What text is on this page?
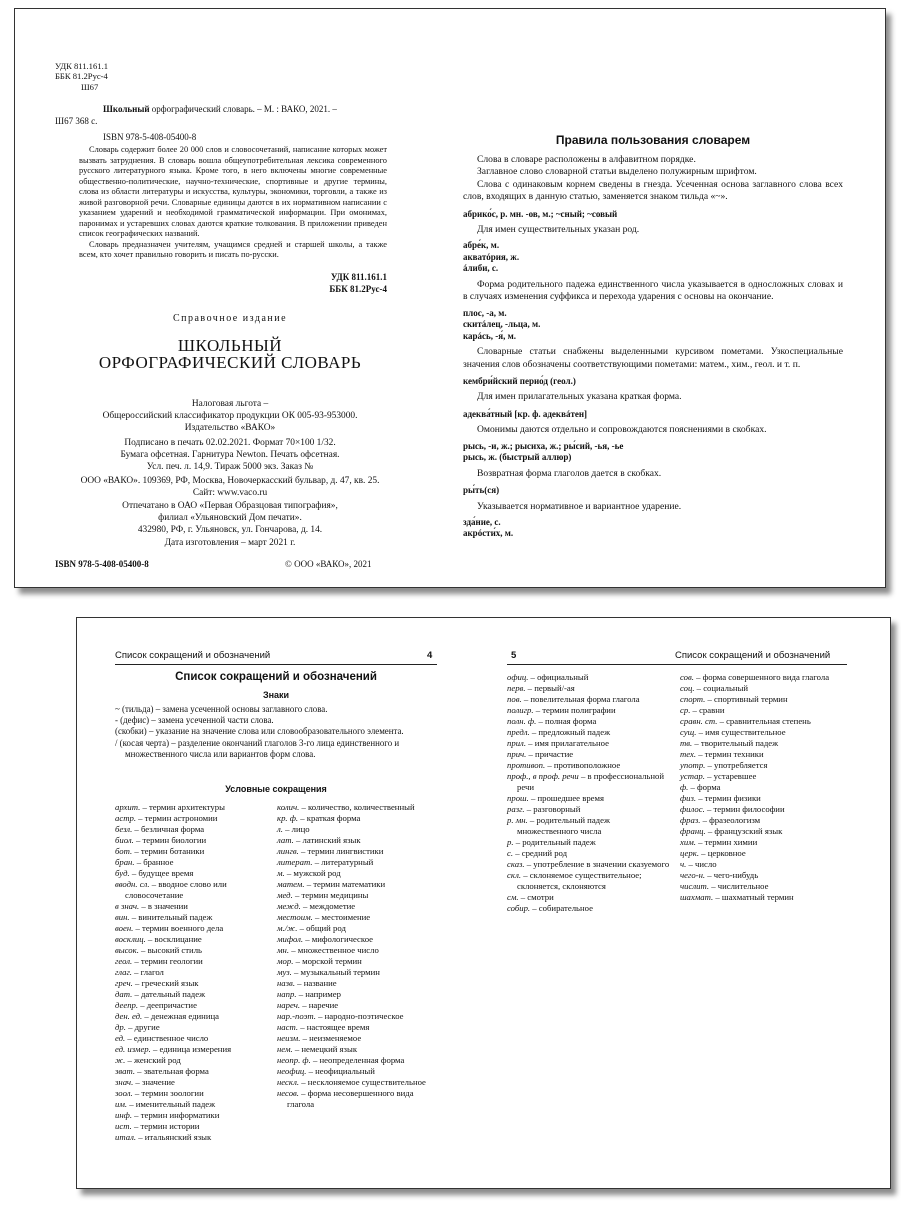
УДК 811.161.1
ББК 81.2Рус-4
Ш67
Школьный орфографический словарь. – М. : ВАКО, 2021. –
Ш67 368 с.
ISBN 978-5-408-05400-8

Словарь содержит более 20 000 слов и словосочетаний, написание которых может вызвать затруднения. В словарь вошла общеупотребительная лексика современного русского литературного языка. Кроме того, в него включены многие современные общественно-политические, научно-технические, спортивные и другие термины, слова из области литературы и искусства, культуры, экономики, торговли, а также из живой разговорной речи. Словарные единицы даются в их нормативном написании с указанием ударений и необходимой грамматической информации. При омонимах, паронимах и устаревших словах даются краткие толкования. В приложении приведен список географических названий.

Словарь предназначен учителям, учащимся средней и старшей школы, а также всем, кто хочет правильно говорить и писать по-русски.

УДК 811.161.1
ББК 81.2Рус-4
Справочное издание
ШКОЛЬНЫЙ
ОРФОГРАФИЧЕСКИЙ СЛОВАРЬ
Налоговая льгота –
Общероссийский классификатор продукции ОК 005-93-953000.
Издательство «ВАКО»
Подписано в печать 02.02.2021. Формат 70×100 1/32.
Бумага офсетная. Гарнитура Newton. Печать офсетная.
Усл. печ. л. 14,9. Тираж 5000 экз. Заказ №
ООО «ВАКО». 109369, РФ, Москва, Новочеркасский бульвар, д. 47, кв. 25.
Сайт: www.vaco.ru
Отпечатано в ОАО «Первая Образцовая типография»,
филиал «Ульяновский Дом печати».
432980, РФ, г. Ульяновск, ул. Гончарова, д. 14.
Дата изготовления – март 2021 г.
ISBN 978-5-408-05400-8	© ООО «ВАКО», 2021
Правила пользования словарем

Слова в словаре расположены в алфавитном порядке.

Заглавное слово словарной статьи выделено полужирным шрифтом.

Слова с одинаковым корнем сведены в гнезда. Усеченная основа заглавного слова всех слов, входящих в данную статью, заменяется знаком тильда «~».

абрико́с, р. мн. -ов, м.; ~сный; ~совый

Для имен существительных указан род.

абре́к, м.
акватóрия, ж.
áлиби, с.

Форма родительного падежа единственного числа указывается в односложных словах и в случаях изменения суффикса и перехода ударения с основы на окончание.

плос, -а, м.
скитáлец, -льца, м.
карáсь, -я́, м.

Словарные статьи снабжены выделенными курсивом пометами. Узкоспециальные значения слов обозначены соответствующими пометами: матем., хим., геол. и т. п.

кембри́йский перио́д (геол.)

Для имен прилагательных указана краткая форма.

адеква́тный [кр. ф. адеквáтен]

Омонимы даются отдельно и сопровождаются пояснениями в скобках.

рысь, -и, ж.; рысиха, ж.; ры́сий, -ья, -ье
рысь, ж. (быстрый аллюр)

Возвратная форма глаголов дается в скобках.

ры́ть(ся)

Указывается нормативное и вариантное ударение.

зда́ние, с.
акрóсти́х, м.
Список сокращений и обозначений	4
Список сокращений и обозначений
Знаки

~ (тильда) – замена усеченной основы заглавного слова.

- (дефис) – замена усеченной части слова.

(скобки) – указание на значение слова или словообразовательного элемента.

/ (косая черта) – разделение окончаний глаголов 3-го лица единственного и множественного числа или вариантов форм слова.

Условные сокращения

архит. – термин архитектуры

астр. – термин астрономии

безл. – безличная форма

биол. – термин биологии

бот. – термин ботаники

бран. – бранное

буд. – будущее время

вводн. сл. – вводное слово или словосочетание

в знач. – в значении

вин. – винительный падеж

воен. – термин военного дела

восклиц. – восклицание

высок. – высокий стиль

геол. – термин геологии

глаг. – глагол

греч. – греческий язык

дат. – дательный падеж

дееnp. – деепричастие

ден. ед. – денежная единица

др. – другие

ед. – единственное число

ед. измер. – единица измерения

ж. – женский род

зват. – звательная форма

знач. – значение

зоол. – термин зоологии

им. – именительный падеж

инф. – термин информатики

ист. – термин истории

итал. – итальянский язык

колич. – количество, количественный

кр. ф. – краткая форма

л. – лицо

лат. – латинский язык

лингв. – термин лингвистики

литерат. – литературный

м. – мужской род

матем. – термин математики

мед. – термин медицины

межд. – междометие

местоим. – местоимение

м./ж. – общий род

мифол. – мифологическое

мн. – множественное число

мор. – морской термин

муз. – музыкальный термин

назв. – название

напр. – например

нареч. – наречие

нар.-поэт. – народно-поэтическое

наст. – настоящее время

неизм. – неизменяемое

нем. – немецкий язык

неопр. ф. – неопределенная форма

неофиц. – неофициальный

нескл. – несклоняемое существительное

несов. – форма несовершенного вида глагола

5	Список сокращений и обозначений

офиц. – официальный

перв. – первый/-ая

пов. – повелительная форма глагола

полигр. – термин полиграфии

полн. ф. – полная форма

предл. – предложный падеж

прил. – имя прилагательное

прич. – причастие

противоп. – противоположное

проф., в проф. речи – в профессиональной речи

прош. – прошедшее время

разг. – разговорный

р. мн. – родительный падеж множественного числа

р. – родительный падеж

с. – средний род

сказ. – употребление в значении сказуемого

скл. – склоняемое существительное; склоняется, склоняются

см. – смотри

собир. – собирательное

сов. – форма совершенного вида глагола

соц. – социальный

спорт. – спортивный термин

ср. – сравни

сравн. ст. – сравнительная степень

сущ. – имя существительное

тв. – творительный падеж

тех. – термин техники

употр. – употребляется

устар. – устаревшее

ф. – форма

физ. – термин физики

филос. – термин философии

фраз. – фразеологизм

франц. – французский язык

хим. – термин химии

церк. – церковное

ч. – число

чего-н. – чего-нибудь

числит. – числительное

шахмат. – шахматный термин
